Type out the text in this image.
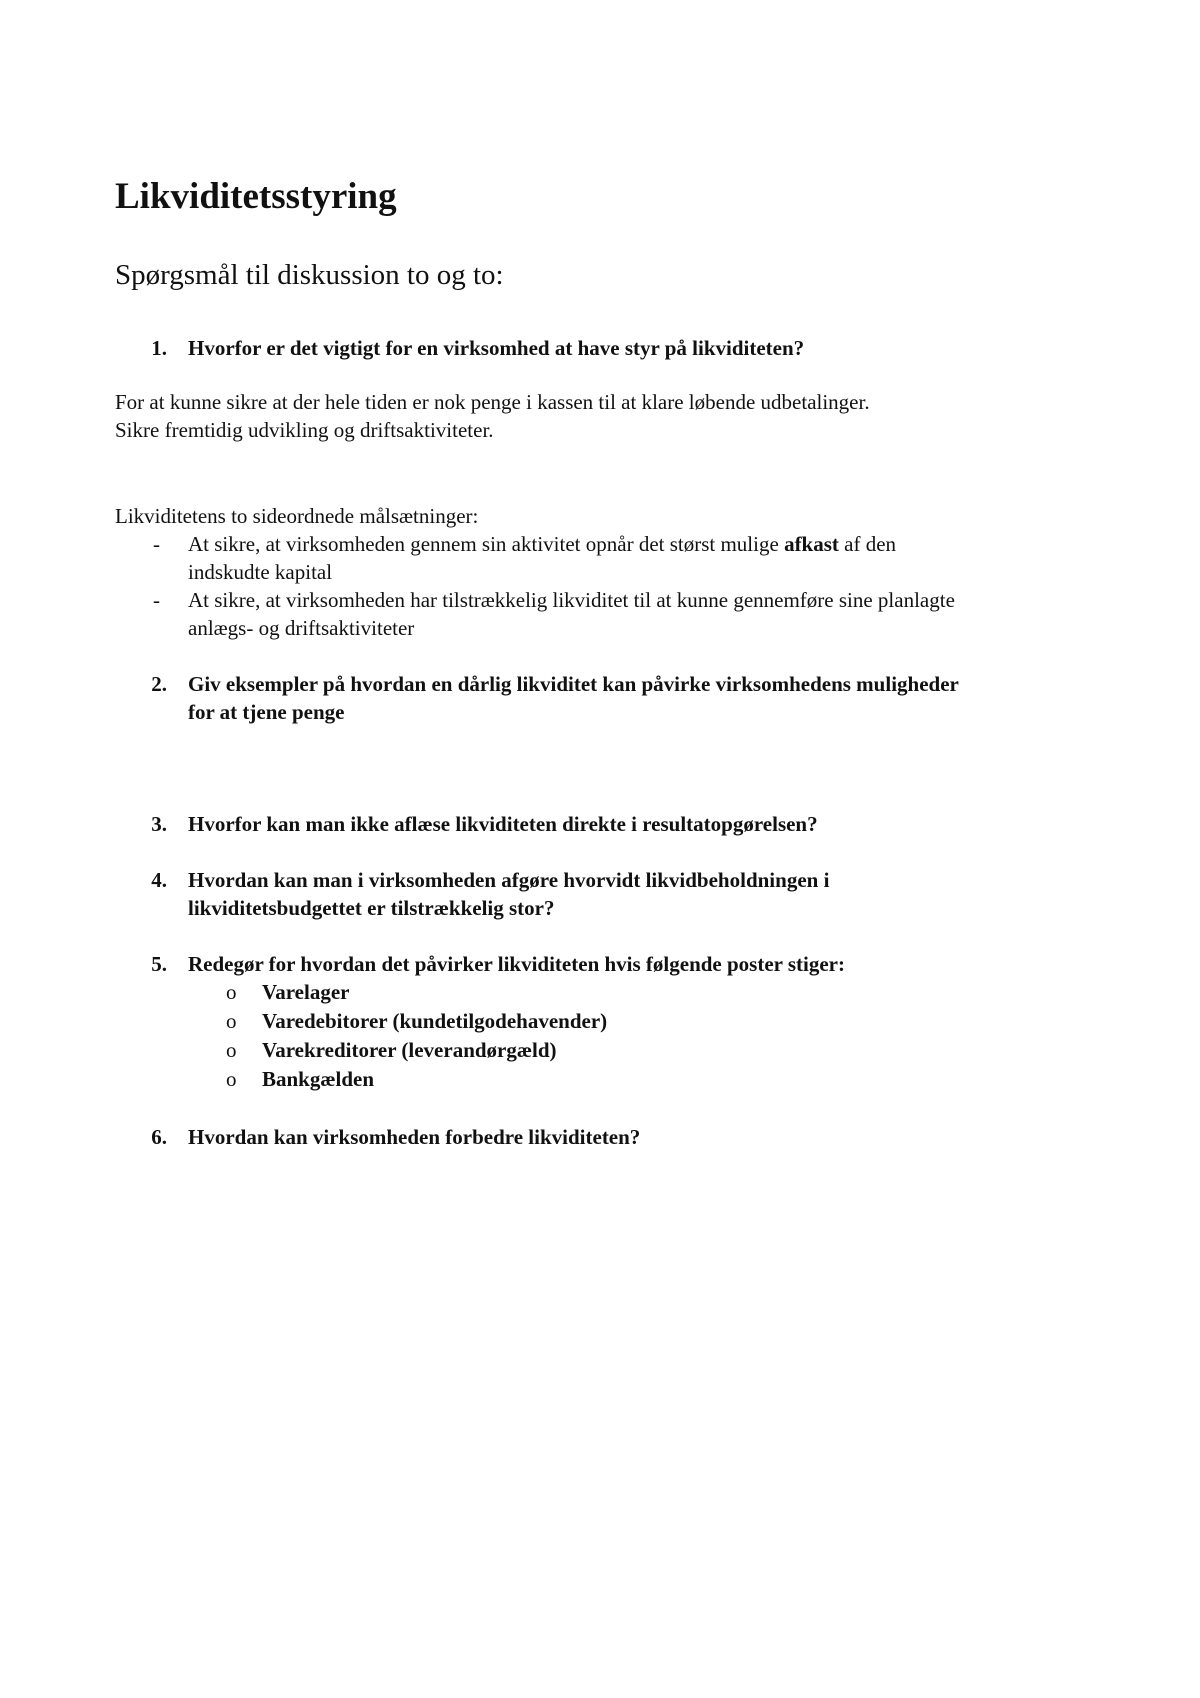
Likviditetsstyring
Spørgsmål til diskussion to og to:
1. Hvorfor er det vigtigt for en virksomhed at have styr på likviditeten?
For at kunne sikre at der hele tiden er nok penge i kassen til at klare løbende udbetalinger.
Sikre fremtidig udvikling og driftsaktiviteter.
Likviditetens to sideordnede målsætninger:
- At sikre, at virksomheden gennem sin aktivitet opnår det størst mulige afkast af den
indskudte kapital
- At sikre, at virksomheden har tilstrækkelig likviditet til at kunne gennemføre sine planlagte
anlægs- og driftsaktiviteter
2. Giv eksempler på hvordan en dårlig likviditet kan påvirke virksomhedens muligheder
for at tjene penge
3. Hvorfor kan man ikke aflæse likviditeten direkte i resultatopgørelsen?
4. Hvordan kan man i virksomheden afgøre hvorvidt likvidbeholdningen i
likviditetsbudgettet er tilstrækkelig stor?
5. Redegør for hvordan det påvirker likviditeten hvis følgende poster stiger:
o Varelager
o Varedebitorer (kundetilgodehavender)
o Varekreditorer (leverandørgæld)
o Bankgælden
6. Hvordan kan virksomheden forbedre likviditeten?
